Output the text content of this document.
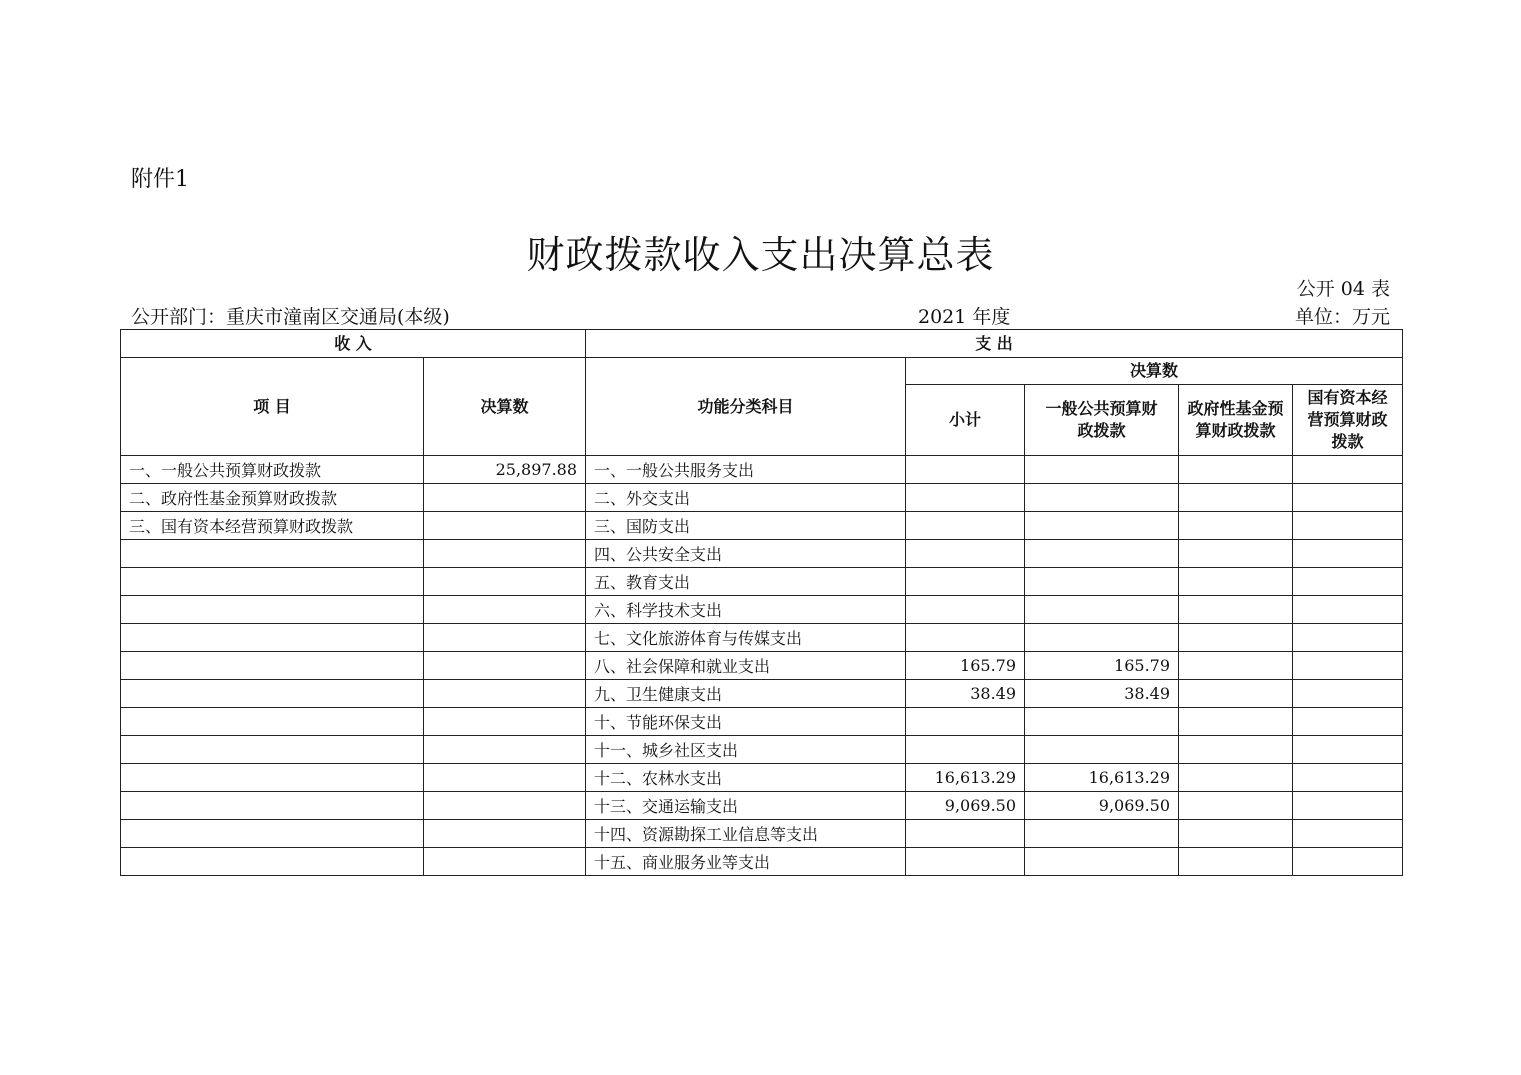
附件1
财政拨款收入支出决算总表
公开 04 表
公开部门：重庆市潼南区交通局(本级)	2021 年度	单位：万元
收 入		支 出				
项 目	决算数	功能分类科目	决算数			
			小计	一般公共预算财政拨款	政府性基金预算财政拨款	国有资本经营预算财政拨款
一、一般公共预算财政拨款	25,897.88	一、一般公共服务支出				
二、政府性基金预算财政拨款		二、外交支出				
三、国有资本经营预算财政拨款		三、国防支出				
		四、公共安全支出				
		五、教育支出				
		六、科学技术支出				
		七、文化旅游体育与传媒支出				
		八、社会保障和就业支出	165.79	165.79		
		九、卫生健康支出	38.49	38.49		
		十、节能环保支出				
		十一、城乡社区支出				
		十二、农林水支出	16,613.29	16,613.29		
		十三、交通运输支出	9,069.50	9,069.50		
		十四、资源勘探工业信息等支出				
		十五、商业服务业等支出				
